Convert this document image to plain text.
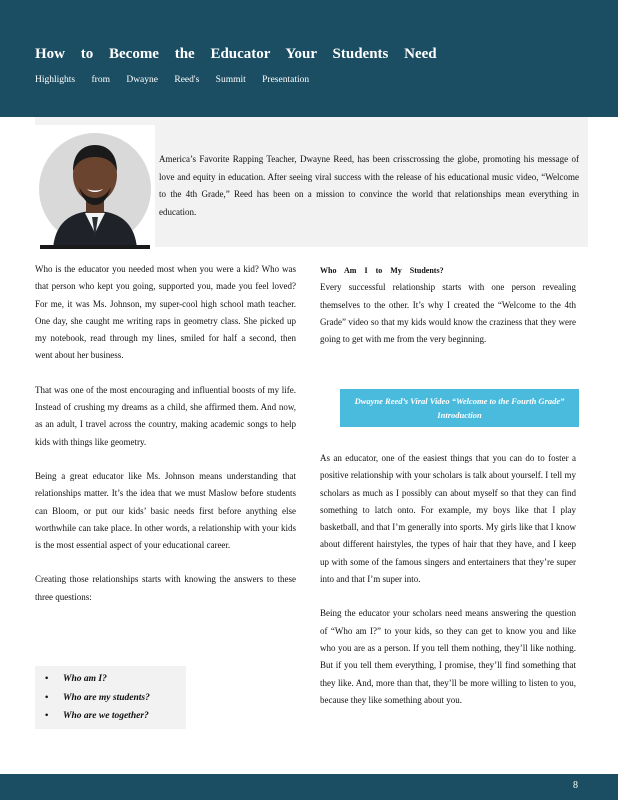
How to Become the Educator Your Students Need
Highlights from Dwayne Reed's Summit Presentation
America’s Favorite Rapping Teacher, Dwayne Reed, has been crisscrossing the globe, promoting his message of love and equity in education. After seeing viral success with the release of his educational music video, “Welcome to the 4th Grade,” Reed has been on a mission to convince the world that relationships mean everything in education.

Who is the educator you needed most when you were a kid? Who was that person who kept you going, supported you, made you feel loved? For me, it was Ms. Johnson, my super-cool high school math teacher. One day, she caught me writing raps in geometry class. She picked up my notebook, read through my lines, smiled for half a second, then went about her business.

That was one of the most encouraging and influential boosts of my life. Instead of crushing my dreams as a child, she affirmed them. And now, as an adult, I travel across the country, making academic songs to help kids with things like geometry.

Being a great educator like Ms. Johnson means understanding that relationships matter. It’s the idea that we must Maslow before students can Bloom, or put our kids’ basic needs first before anything else worthwhile can take place. In other words, a relationship with your kids is the most essential aspect of your educational career.

Creating those relationships starts with knowing the answers to these three questions:

• Who am I?
• Who are my students?
• Who are we together?

Who Am I to My Students?

Every successful relationship starts with one person revealing themselves to the other. It’s why I created the “Welcome to the 4th Grade” video so that my kids would know the craziness that they were going to get with me from the very beginning.

Dwayne Reed’s Viral Video “Welcome to the Fourth Grade” Introduction

As an educator, one of the easiest things that you can do to foster a positive relationship with your scholars is talk about yourself. I tell my scholars as much as I possibly can about myself so that they can find something to latch onto. For example, my boys like that I play basketball, and that I’m generally into sports. My girls like that I know about different hairstyles, the types of hair that they have, and I keep up with some of the famous singers and entertainers that they’re super into and that I’m super into.

Being the educator your scholars need means answering the question of “Who am I?” to your kids, so they can get to know you and like who you are as a person. If you tell them nothing, they’ll like nothing. But if you tell them everything, I promise, they’ll find something that they like. And, more than that, they’ll be more willing to listen to you, because they like something about you.

8
